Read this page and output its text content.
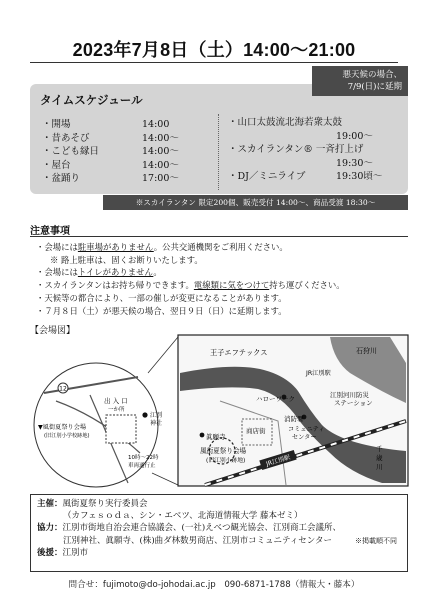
2023年7月8日（土）14:00～21:00
悪天候の場合、
7/9(日)に延期
タイムスケジュール
・開場	14:00
・昔あそび	14:00～
・こども縁日	14:00～
・屋台	14:00～
・盆踊り	17:00～
・山口太鼓流北海若衆太鼓
19:00～
・スカイランタン® 一斉打上げ
19:30～
・DJ／ミニライブ	19:30頃～
※スカイランタン 限定200個、販売受付 14:00～、商品受渡 18:30～
注意事項
・会場には駐車場がありません。公共交通機関をご利用ください。
※ 路上駐車は、固くお断りいたします。
・会場にはトイレがありません。
・スカイランタンはお持ち帰りできます。電線類に気をつけて持ち運びください。
・天候等の都合により、一部の催しが変更になることがあります。
・７月８日（土）が悪天候の場合、翌日９日（日）に延期します。
【会場図】
12
出 入 口
一か所
江別
神社
▼風街夏祭り会場
(旧江別小学校跡地)
10時～22時
車両通行止
王子エフテックス	石狩川
江別河川防災
ステーション
ハローワーク
消防署
コミュニティ
センター
商店街
眞願寺
風街夏祭り会場
(旧江別小跡地)	JR江別駅
千
歳
川
JR江別駅
主催：風街夏祭り実行委員会
（カフェｓｏｄａ、シン・エベツ、北海道情報大学 藤本ゼミ）
協力：江別市街地自治会連合協議会、(一社)えべつ観光協会、江別商工会議所、
江別神社、眞願寺、(株)曲ダ林数男商店、江別市コミュニティセンター	※掲載順不同
後援：江別市
問合せ：fujimoto@do-johodai.ac.jp　090-6871-1788（情報大・藤本）
